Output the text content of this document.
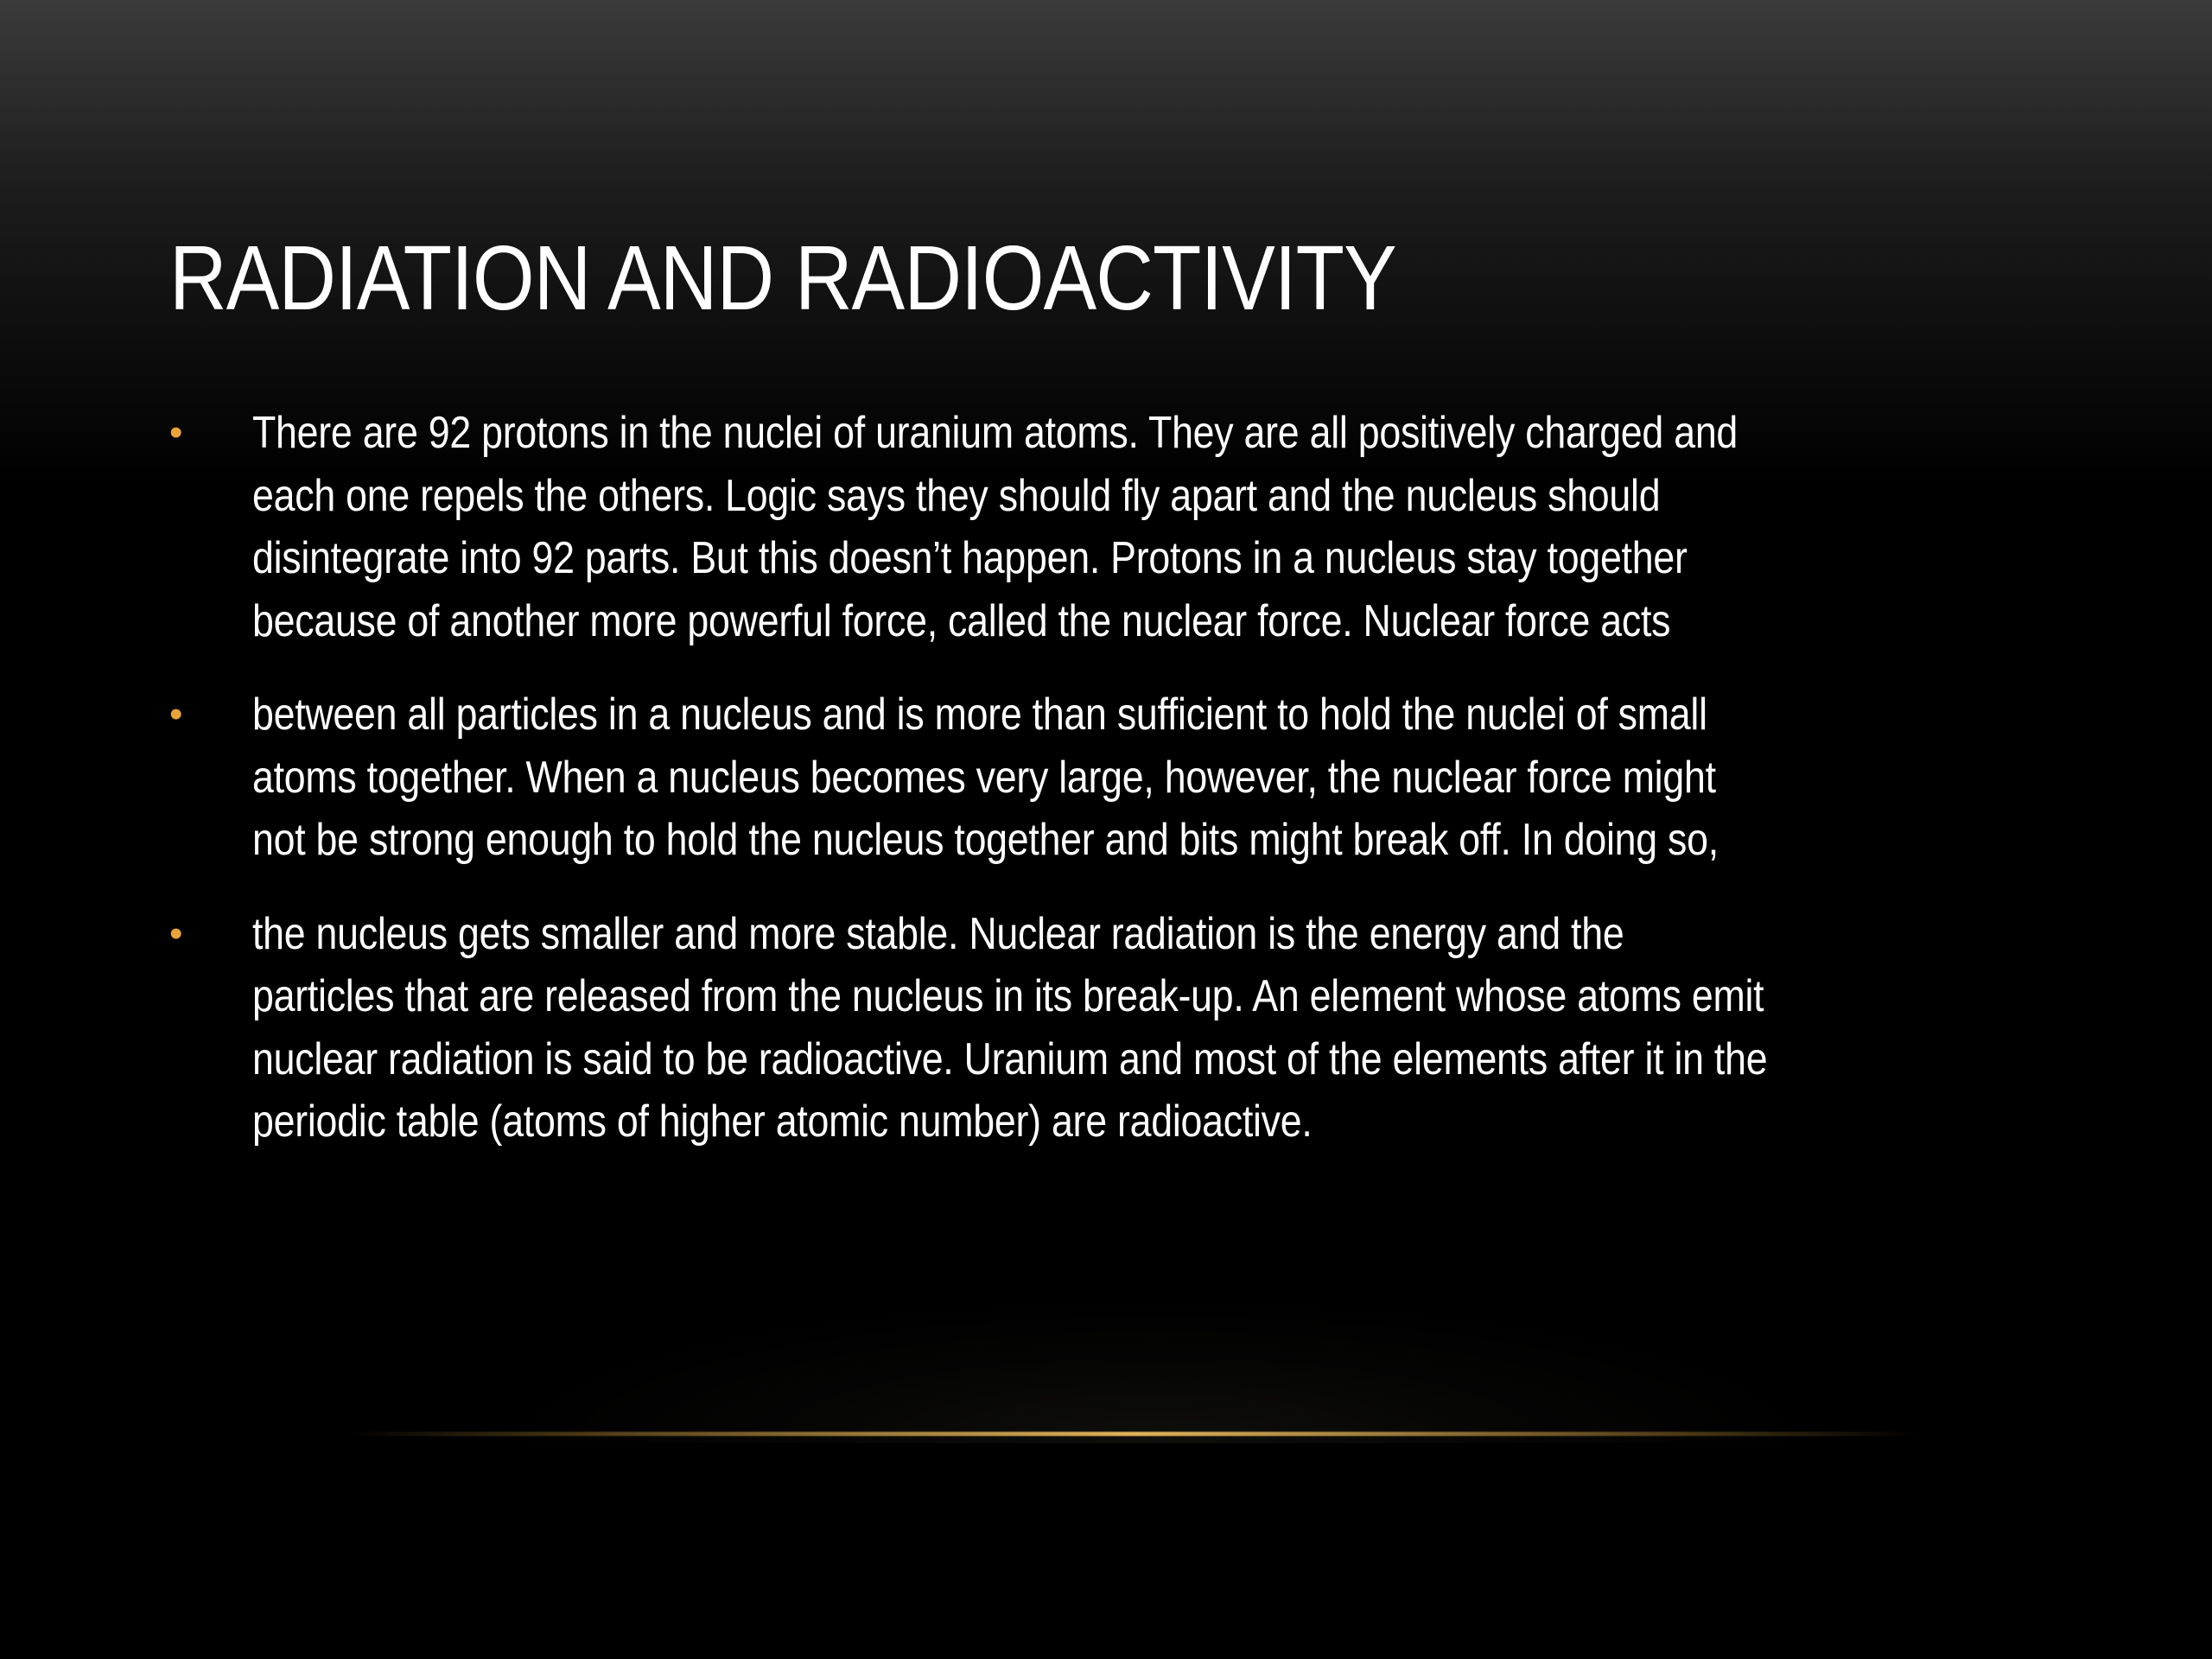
RADIATION AND RADIOACTIVITY
• There are 92 protons in the nuclei of uranium atoms. They are all positively charged and
each one repels the others. Logic says they should fly apart and the nucleus should
disintegrate into 92 parts. But this doesn’t happen. Protons in a nucleus stay together
because of another more powerful force, called the nuclear force. Nuclear force acts
• between all particles in a nucleus and is more than sufficient to hold the nuclei of small
atoms together. When a nucleus becomes very large, however, the nuclear force might
not be strong enough to hold the nucleus together and bits might break off. In doing so,
• the nucleus gets smaller and more stable. Nuclear radiation is the energy and the
particles that are released from the nucleus in its break-up. An element whose atoms emit
nuclear radiation is said to be radioactive. Uranium and most of the elements after it in the
periodic table (atoms of higher atomic number) are radioactive.
